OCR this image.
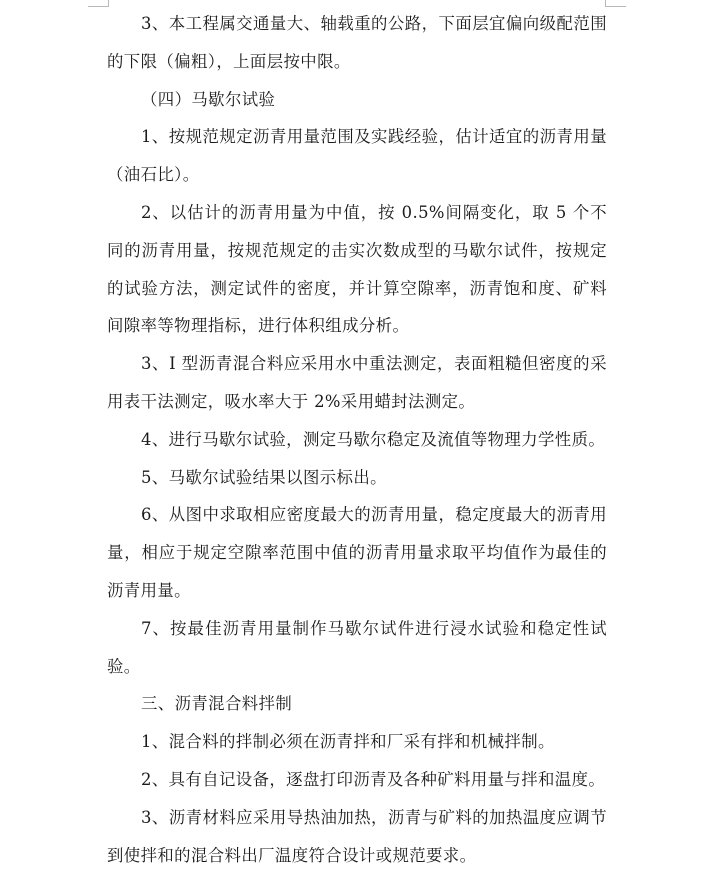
3、本工程属交通量大、轴载重的公路，下面层宜偏向级配范围的下限（偏粗），上面层按中限。

（四）马歇尔试验

1、按规范规定沥青用量范围及实践经验，估计适宜的沥青用量（油石比）。

2、以估计的沥青用量为中值，按 0.5%间隔变化，取 5 个不同的沥青用量，按规范规定的击实次数成型的马歇尔试件，按规定的试验方法，测定试件的密度，并计算空隙率，沥青饱和度、矿料间隙率等物理指标，进行体积组成分析。

3、I 型沥青混合料应采用水中重法测定，表面粗糙但密度的采用表干法测定，吸水率大于 2%采用蜡封法测定。

4、进行马歇尔试验，测定马歇尔稳定及流值等物理力学性质。

5、马歇尔试验结果以图示标出。

6、从图中求取相应密度最大的沥青用量，稳定度最大的沥青用量，相应于规定空隙率范围中值的沥青用量求取平均值作为最佳的沥青用量。

7、按最佳沥青用量制作马歇尔试件进行浸水试验和稳定性试验。

三、沥青混合料拌制

1、混合料的拌制必须在沥青拌和厂采有拌和机械拌制。

2、具有自记设备，逐盘打印沥青及各种矿料用量与拌和温度。

3、沥青材料应采用导热油加热，沥青与矿料的加热温度应调节到使拌和的混合料出厂温度符合设计或规范要求。
